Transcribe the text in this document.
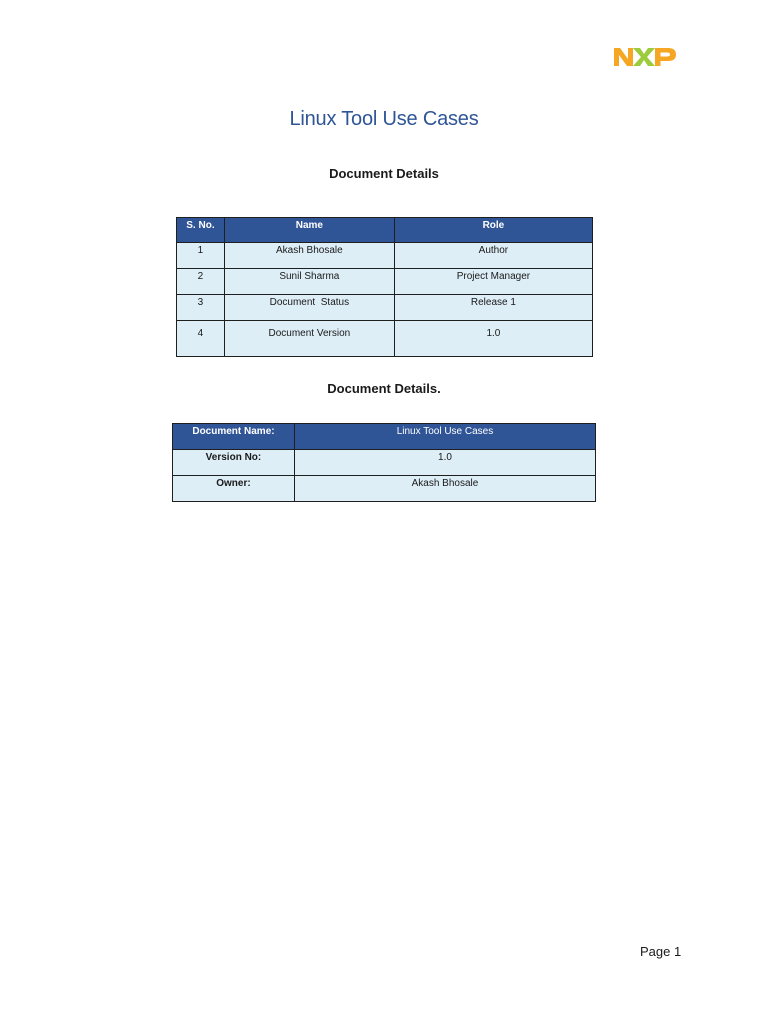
Linux Tool Use Cases
Document Details
S. No.	Name	Role
1	Akash Bhosale	Author
2	Sunil Sharma	Project Manager
3	Document  Status	Release 1
4	Document Version	1.0
Document Details.
Document Name:	Linux Tool Use Cases
Version No:	1.0
Owner:	Akash Bhosale
Page 1
